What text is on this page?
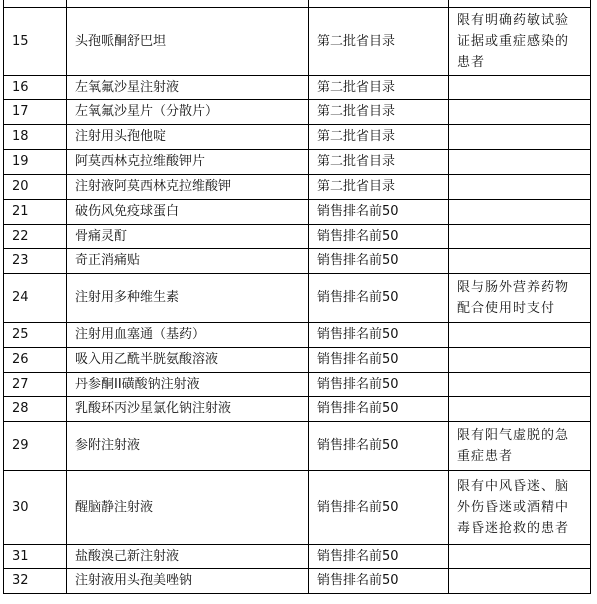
15	头孢哌酮舒巴坦	第二批省目录	限有明确药敏试验证据或重症感染的患者
16	左氧氟沙星注射液	第二批省目录	
17	左氧氟沙星片（分散片）	第二批省目录	
18	注射用头孢他啶	第二批省目录	
19	阿莫西林克拉维酸钾片	第二批省目录	
20	注射液阿莫西林克拉维酸钾	第二批省目录	
21	破伤风免疫球蛋白	销售排名前50	
22	骨痛灵酊	销售排名前50	
23	奇正消痛贴	销售排名前50	
24	注射用多种维生素	销售排名前50	限与肠外营养药物配合使用时支付
25	注射用血塞通（基药）	销售排名前50	
26	吸入用乙酰半胱氨酸溶液	销售排名前50	
27	丹参酮II磺酸钠注射液	销售排名前50	
28	乳酸环丙沙星氯化钠注射液	销售排名前50	
29	参附注射液	销售排名前50	限有阳气虚脱的急重症患者
30	醒脑静注射液	销售排名前50	限有中风昏迷、脑外伤昏迷或酒精中毒昏迷抢救的患者
31	盐酸溴己新注射液	销售排名前50	
32	注射液用头孢美唑钠	销售排名前50	
